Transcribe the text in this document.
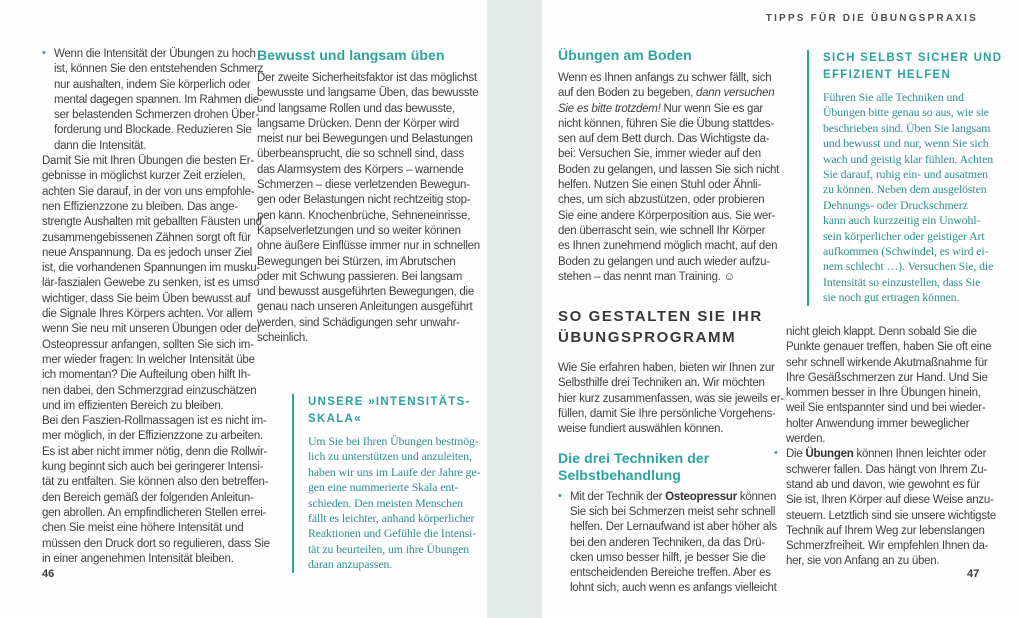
TIPPS FÜR DIE ÜBUNGSPRAXIS
• Wenn die Intensität der Übungen zu hoch
ist, können Sie den entstehenden Schmerz
nur aushalten, indem Sie körperlich oder
mental dagegen spannen. Im Rahmen die-
ser belastenden Schmerzen drohen Über-
forderung und Blockade. Reduzieren Sie
dann die Intensität.
Damit Sie mit Ihren Übungen die besten Er-
gebnisse in möglichst kurzer Zeit erzielen,
achten Sie darauf, in der von uns empfohle-
nen Effizienzzone zu bleiben. Das ange-
strengte Aushalten mit geballten Fäusten und
zusammengebissenen Zähnen sorgt oft für
neue Anspannung. Da es jedoch unser Ziel
ist, die vorhandenen Spannungen im musku-
lär-faszialen Gewebe zu senken, ist es umso
wichtiger, dass Sie beim Üben bewusst auf
die Signale Ihres Körpers achten. Vor allem
wenn Sie neu mit unseren Übungen oder der
Osteopressur anfangen, sollten Sie sich im-
mer wieder fragen: In welcher Intensität übe
ich momentan? Die Aufteilung oben hilft Ih-
nen dabei, den Schmerzgrad einzuschätzen
und im effizienten Bereich zu bleiben.
Bei den Faszien-Rollmassagen ist es nicht im-
mer möglich, in der Effizienzzone zu arbeiten.
Es ist aber nicht immer nötig, denn die Rollwir-
kung beginnt sich auch bei geringerer Intensi-
tät zu entfalten. Sie können also den betreffen-
den Bereich gemäß der folgenden Anleitun-
gen abrollen. An empfindlicheren Stellen errei-
chen Sie meist eine höhere Intensität und
müssen den Druck dort so regulieren, dass Sie
in einer angenehmen Intensität bleiben.
Bewusst und langsam üben
Der zweite Sicherheitsfaktor ist das möglichst
bewusste und langsame Üben, das bewusste
und langsame Rollen und das bewusste,
langsame Drücken. Denn der Körper wird
meist nur bei Bewegungen und Belastungen
überbeansprucht, die so schnell sind, dass
das Alarmsystem des Körpers – warnende
Schmerzen – diese verletzenden Bewegun-
gen oder Belastungen nicht rechtzeitig stop-
pen kann. Knochenbrüche, Sehneneinrisse,
Kapselverletzungen und so weiter können
ohne äußere Einflüsse immer nur in schnellen
Bewegungen bei Stürzen, im Abrutschen
oder mit Schwung passieren. Bei langsam
und bewusst ausgeführten Bewegungen, die
genau nach unseren Anleitungen ausgeführt
werden, sind Schädigungen sehr unwahr-
scheinlich.
UNSERE »INTENSITÄTS-
SKALA«
Um Sie bei Ihren Übungen bestmög-
lich zu unterstützen und anzuleiten,
haben wir uns im Laufe der Jahre ge-
gen eine nummerierte Skala ent-
schieden. Den meisten Menschen
fällt es leichter, anhand körperlicher
Reaktionen und Gefühle die Intensi-
tät zu beurteilen, um ihre Übungen
daran anzupassen.
46
Übungen am Boden
Wenn es Ihnen anfangs zu schwer fällt, sich
auf den Boden zu begeben, dann versuchen
Sie es bitte trotzdem! Nur wenn Sie es gar
nicht können, führen Sie die Übung stattdes-
sen auf dem Bett durch. Das Wichtigste da-
bei: Versuchen Sie, immer wieder auf den
Boden zu gelangen, und lassen Sie sich nicht
helfen. Nutzen Sie einen Stuhl oder Ähnli-
ches, um sich abzustützen, oder probieren
Sie eine andere Körperposition aus. Sie wer-
den überrascht sein, wie schnell Ihr Körper
es Ihnen zunehmend möglich macht, auf den
Boden zu gelangen und auch wieder aufzu-
stehen – das nennt man Training. ☺
SO GESTALTEN SIE IHR
ÜBUNGSPROGRAMM
Wie Sie erfahren haben, bieten wir Ihnen zur
Selbsthilfe drei Techniken an. Wir möchten
hier kurz zusammenfassen, was sie jeweils er-
füllen, damit Sie Ihre persönliche Vorgehens-
weise fundiert auswählen können.
Die drei Techniken der
Selbstbehandlung
• Mit der Technik der Osteopressur können
Sie sich bei Schmerzen meist sehr schnell
helfen. Der Lernaufwand ist aber höher als
bei den anderen Techniken, da das Drü-
cken umso besser hilft, je besser Sie die
entscheidenden Bereiche treffen. Aber es
lohnt sich, auch wenn es anfangs vielleicht
SICH SELBST SICHER UND
EFFIZIENT HELFEN
Führen Sie alle Techniken und
Übungen bitte genau so aus, wie sie
beschrieben sind. Üben Sie langsam
und bewusst und nur, wenn Sie sich
wach und geistig klar fühlen. Achten
Sie darauf, ruhig ein- und ausatmen
zu können. Neben dem ausgelösten
Dehnungs- oder Druckschmerz
kann auch kurzzeitig ein Unwohl-
sein körperlicher oder geistiger Art
aufkommen (Schwindel, es wird ei-
nem schlecht …). Versuchen Sie, die
Intensität so einzustellen, dass Sie
sie noch gut ertragen können.
nicht gleich klappt. Denn sobald Sie die
Punkte genauer treffen, haben Sie oft eine
sehr schnell wirkende Akutmaßnahme für
Ihre Gesäßschmerzen zur Hand. Und Sie
kommen besser in Ihre Übungen hinein,
weil Sie entspannter sind und bei wieder-
holter Anwendung immer beweglicher
werden.
• Die Übungen können Ihnen leichter oder
schwerer fallen. Das hängt von Ihrem Zu-
stand ab und davon, wie gewohnt es für
Sie ist, Ihren Körper auf diese Weise anzu-
steuern. Letztlich sind sie unsere wichtigste
Technik auf Ihrem Weg zur lebenslangen
Schmerzfreiheit. Wir empfehlen Ihnen da-
her, sie von Anfang an zu üben.
47
